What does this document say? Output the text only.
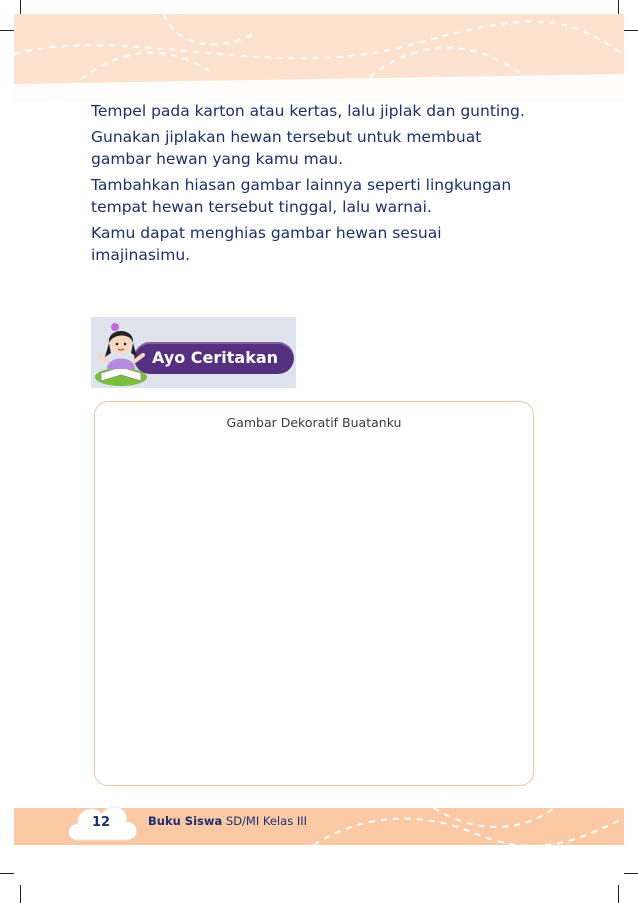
Tempel pada karton atau kertas, lalu jiplak dan gunting.

Gunakan jiplakan hewan tersebut untuk membuat gambar hewan yang kamu mau.

Tambahkan hiasan gambar lainnya seperti lingkungan tempat hewan tersebut tinggal, lalu warnai.

Kamu dapat menghias gambar hewan sesuai imajinasimu.

Ayo Ceritakan
Gambar Dekoratif Buatanku
12	Buku Siswa SD/MI Kelas III
